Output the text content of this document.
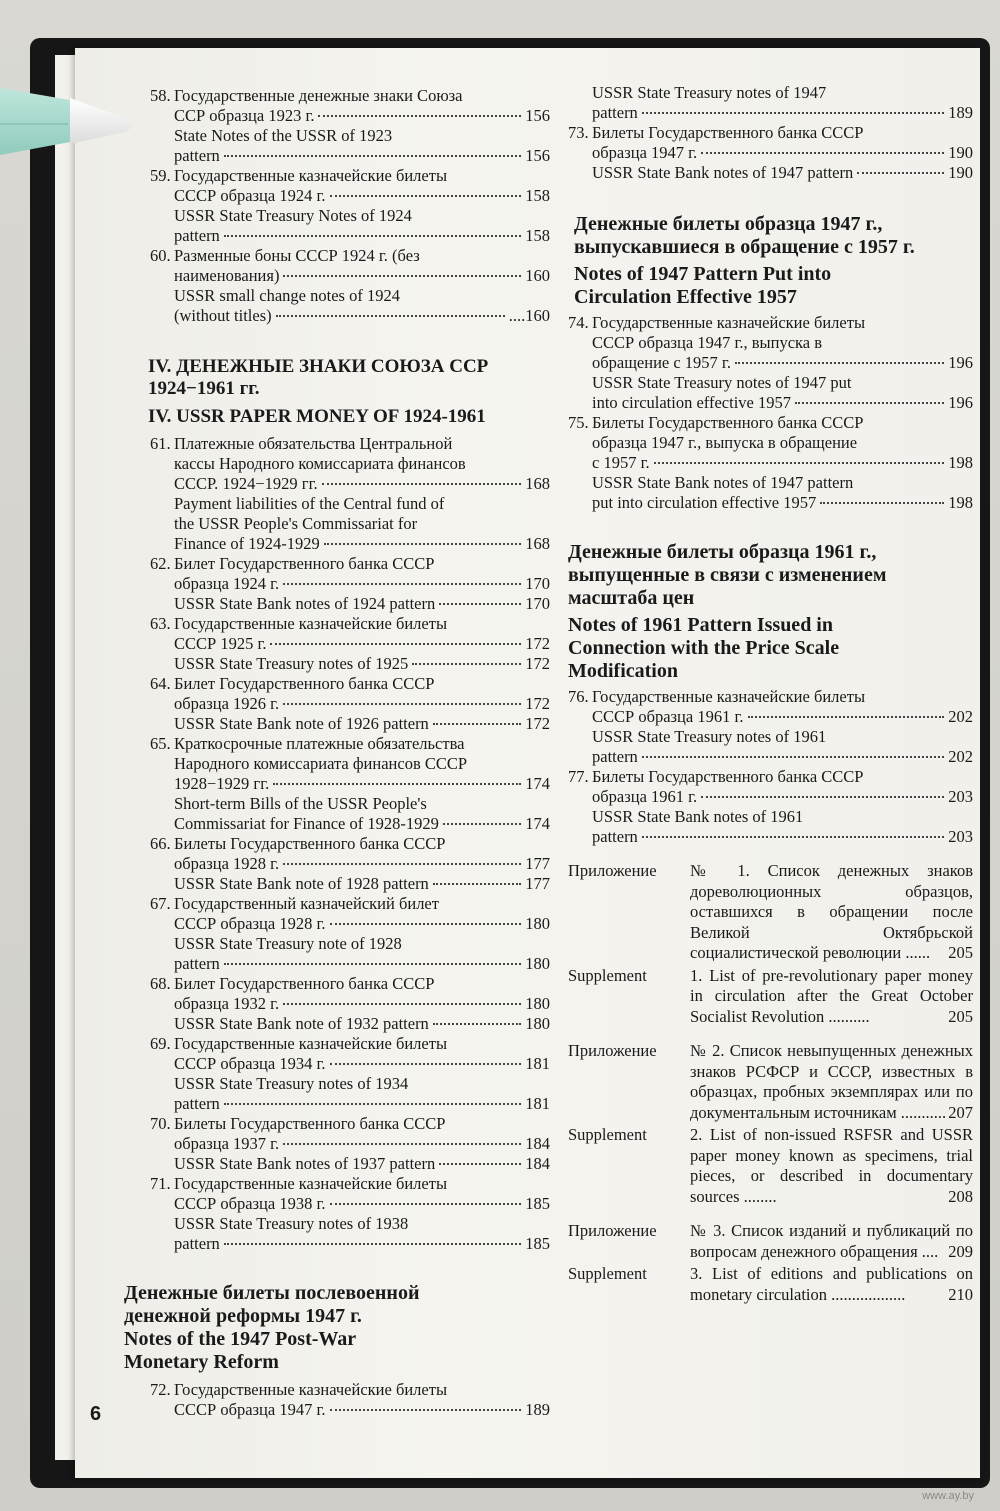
58. Государственные денежные знаки Союза
ССР образца 1923 г.	156
State Notes of the USSR of 1923
pattern	156
59. Государственные казначейские билеты
СССР образца 1924 г.	158
USSR State Treasury Notes of 1924
pattern	158
60. Разменные боны СССР 1924 г. (без
наименования)	160
USSR small change notes of 1924
(without titles)	....160

IV. ДЕНЕЖНЫЕ ЗНАКИ СОЮЗА ССР 1924−1961 гг.

IV. USSR PAPER MONEY OF 1924-1961

61. Платежные обязательства Центральной
кассы Народного комиссариата финансов
СССР. 1924−1929 гг.	168
Payment liabilities of the Central fund of
the USSR People's Commissariat for
Finance of 1924-1929	168
62. Билет Государственного банка СССР
образца 1924 г.	170
USSR State Bank notes of 1924 pattern	170
63. Государственные казначейские билеты
СССР 1925 г.	172
USSR State Treasury notes of 1925	172
64. Билет Государственного банка СССР
образца 1926 г.	172
USSR State Bank note of 1926 pattern	172
65. Краткосрочные платежные обязательства
Народного комиссариата финансов СССР
1928−1929 гг.	174
Short-term Bills of the USSR People's
Commissariat for Finance of 1928-1929	174
66. Билеты Государственного банка СССР
образца 1928 г.	177
USSR State Bank note of 1928 pattern	177
67. Государственный казначейский билет
СССР образца 1928 г.	180
USSR State Treasury note of 1928
pattern	180
68. Билет Государственного банка СССР
образца 1932 г.	180
USSR State Bank note of 1932 pattern	180
69. Государственные казначейские билеты
СССР образца 1934 г.	181
USSR State Treasury notes of 1934
pattern	181
70. Билеты Государственного банка СССР
образца 1937 г.	184
USSR State Bank notes of 1937 pattern	184
71. Государственные казначейские билеты
СССР образца 1938 г.	185
USSR State Treasury notes of 1938
pattern	185

Денежные билеты послевоенной денежной реформы 1947 г.

Notes of the 1947 Post-War Monetary Reform

72. Государственные казначейские билеты
СССР образца 1947 г.	189
USSR State Treasury notes of 1947
pattern	189
73. Билеты Государственного банка СССР
образца 1947 г.	190
USSR State Bank notes of 1947 pattern	190

Денежные билеты образца 1947 г., выпускавшиеся в обращение с 1957 г.

Notes of 1947 Pattern Put into Circulation Effective 1957

74. Государственные казначейские билеты
СССР образца 1947 г., выпуска в
обращение с 1957 г.	196
USSR State Treasury notes of 1947 put
into circulation effective 1957	196
75. Билеты Государственного банка СССР
образца 1947 г., выпуска в обращение
с 1957 г.	198
USSR State Bank notes of 1947 pattern
put into circulation effective 1957	198

Денежные билеты образца 1961 г., выпущенные в связи с изменением масштаба цен

Notes of 1961 Pattern Issued in Connection with the Price Scale Modification

76. Государственные казначейские билеты
СССР образца 1961 г.	202
USSR State Treasury notes of 1961
pattern	202
77. Билеты Государственного банка СССР
образца 1961 г.	203
USSR State Bank notes of 1961
pattern	203
Приложение	№ 1. Список денежных знаков дореволюционных образцов, оставшихся в обращении после Великой Октябрьской социалистической революции ...... 205
Supplement	1. List of pre-revolutionary paper money in circulation after the Great October Socialist Revolution ..........	205
Приложение	№ 2. Список невыпущенных денежных знаков РСФСР и СССР, известных в образцах, пробных экземплярах или по документальным источникам ........... 207
Supplement	2. List of non-issued RSFSR and USSR paper money known as specimens, trial pieces, or described in documentary sources ........	208
Приложение	№ 3. Список изданий и публикаций по вопросам денежного обращения .... 209
Supplement	3. List of editions and publications on monetary circulation ..................	210
6
www.ay.by
